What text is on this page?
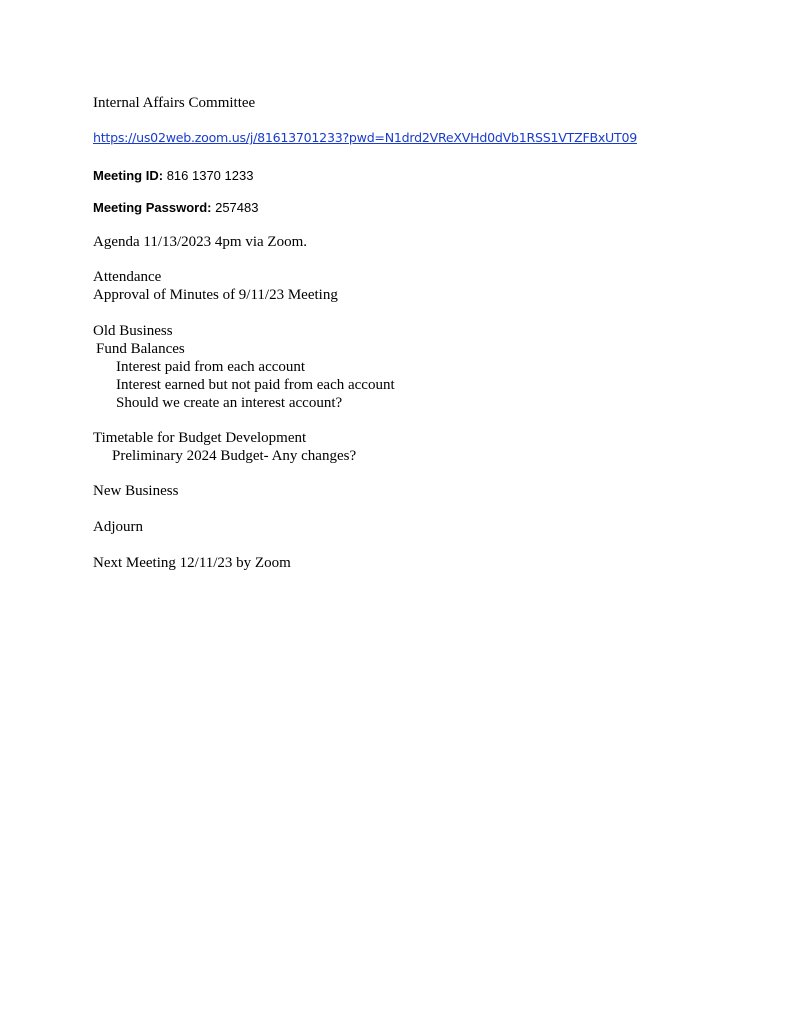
Internal Affairs Committee
https://us02web.zoom.us/j/81613701233?pwd=N1drd2VReXVHd0dVb1RSS1VTZFBxUT09
Meeting ID: 816 1370 1233
Meeting Password: 257483
Agenda 11/13/2023 4pm via Zoom.
Attendance
Approval of Minutes of 9/11/23 Meeting
Old Business
Fund Balances
Interest paid from each account
Interest earned but not paid from each account
Should we create an interest account?
Timetable for Budget Development
Preliminary 2024 Budget- Any changes?
New Business
Adjourn
Next Meeting 12/11/23 by Zoom
